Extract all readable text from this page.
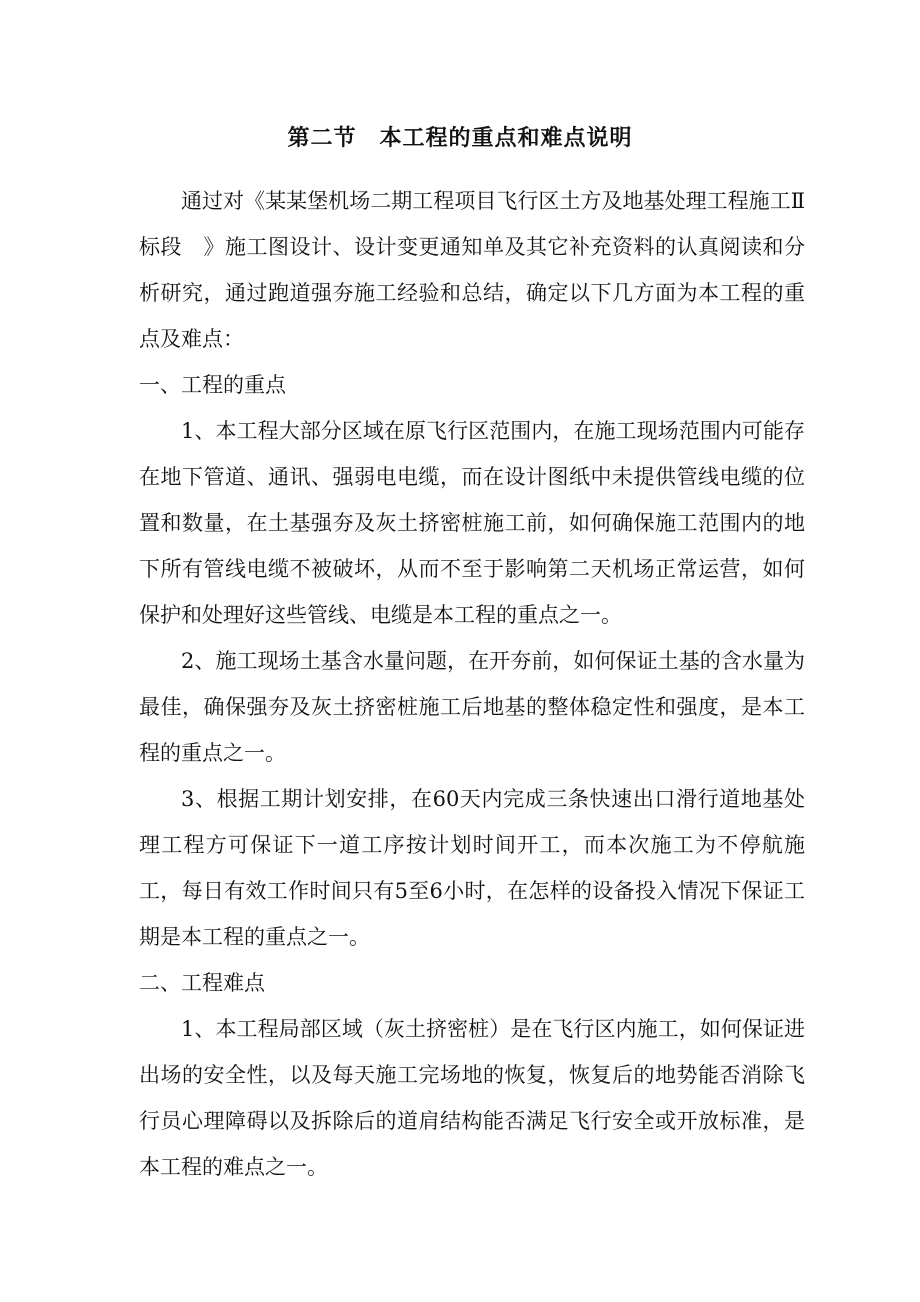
第二节　本工程的重点和难点说明

通过对《某某堡机场二期工程项目飞行区土方及地基处理工程施工Ⅱ标段　》施工图设计、设计变更通知单及其它补充资料的认真阅读和分析研究，通过跑道强夯施工经验和总结，确定以下几方面为本工程的重点及难点：

一、工程的重点

1、本工程大部分区域在原飞行区范围内，在施工现场范围内可能存在地下管道、通讯、强弱电电缆，而在设计图纸中未提供管线电缆的位置和数量，在土基强夯及灰土挤密桩施工前，如何确保施工范围内的地下所有管线电缆不被破坏，从而不至于影响第二天机场正常运营，如何保护和处理好这些管线、电缆是本工程的重点之一。

2、施工现场土基含水量问题，在开夯前，如何保证土基的含水量为最佳，确保强夯及灰土挤密桩施工后地基的整体稳定性和强度，是本工程的重点之一。

3、根据工期计划安排，在60天内完成三条快速出口滑行道地基处理工程方可保证下一道工序按计划时间开工，而本次施工为不停航施工，每日有效工作时间只有5至6小时，在怎样的设备投入情况下保证工期是本工程的重点之一。

二、工程难点

1、本工程局部区域（灰土挤密桩）是在飞行区内施工，如何保证进出场的安全性，以及每天施工完场地的恢复，恢复后的地势能否消除飞行员心理障碍以及拆除后的道肩结构能否满足飞行安全或开放标准，是本工程的难点之一。
